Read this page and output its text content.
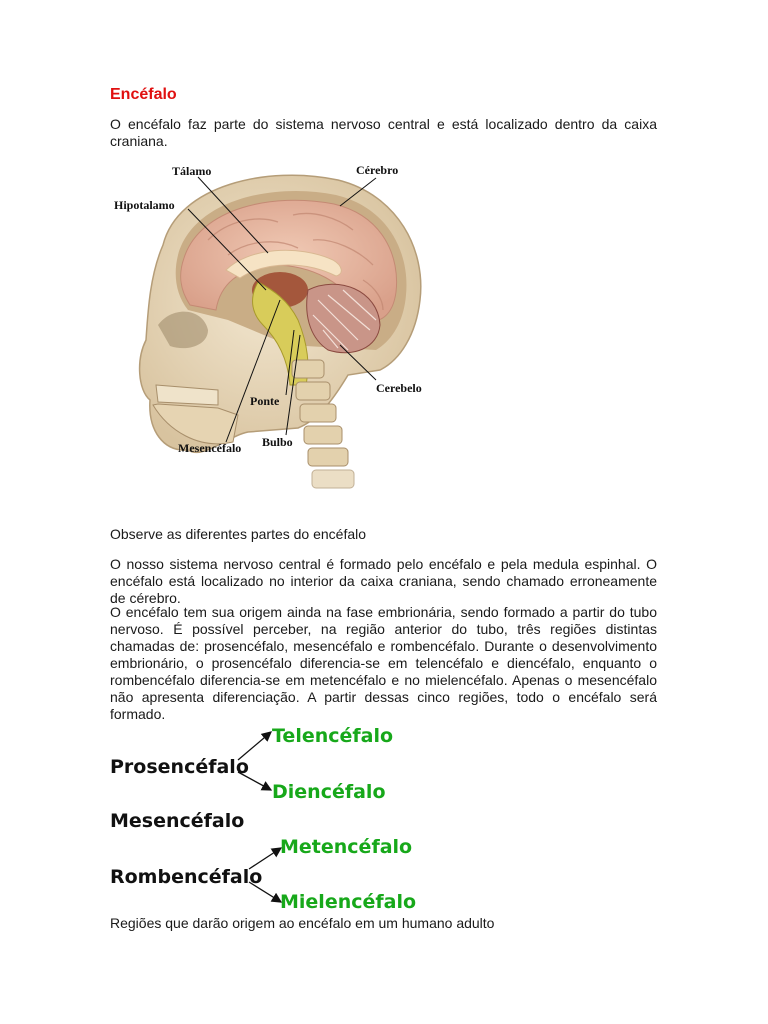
Encéfalo
O encéfalo faz parte do sistema nervoso central e está localizado dentro da caixa craniana.
Tálamo	Cérebro
Hipotalamo
Cerebelo
Ponte
Bulbo
Mesencéfalo
Observe as diferentes partes do encéfalo
O nosso sistema nervoso central é formado pelo encéfalo e pela medula espinhal. O encéfalo está localizado no interior da caixa craniana, sendo chamado erroneamente de cérebro.
O encéfalo tem sua origem ainda na fase embrionária, sendo formado a partir do tubo nervoso. É possível perceber, na região anterior do tubo, três regiões distintas chamadas de: prosencéfalo, mesencéfalo e rombencéfalo. Durante o desenvolvimento embrionário, o prosencéfalo diferencia-se em telencéfalo e diencéfalo, enquanto o rombencéfalo diferencia-se em metencéfalo e no mielencéfalo. Apenas o mesencéfalo não apresenta diferenciação. A partir dessas cinco regiões, todo o encéfalo será formado.
Prosencéfalo
Telencéfalo
Diencéfalo
Mesencéfalo
Metencéfalo
Rombencéfalo
Mielencéfalo
Regiões que darão origem ao encéfalo em um humano adulto
